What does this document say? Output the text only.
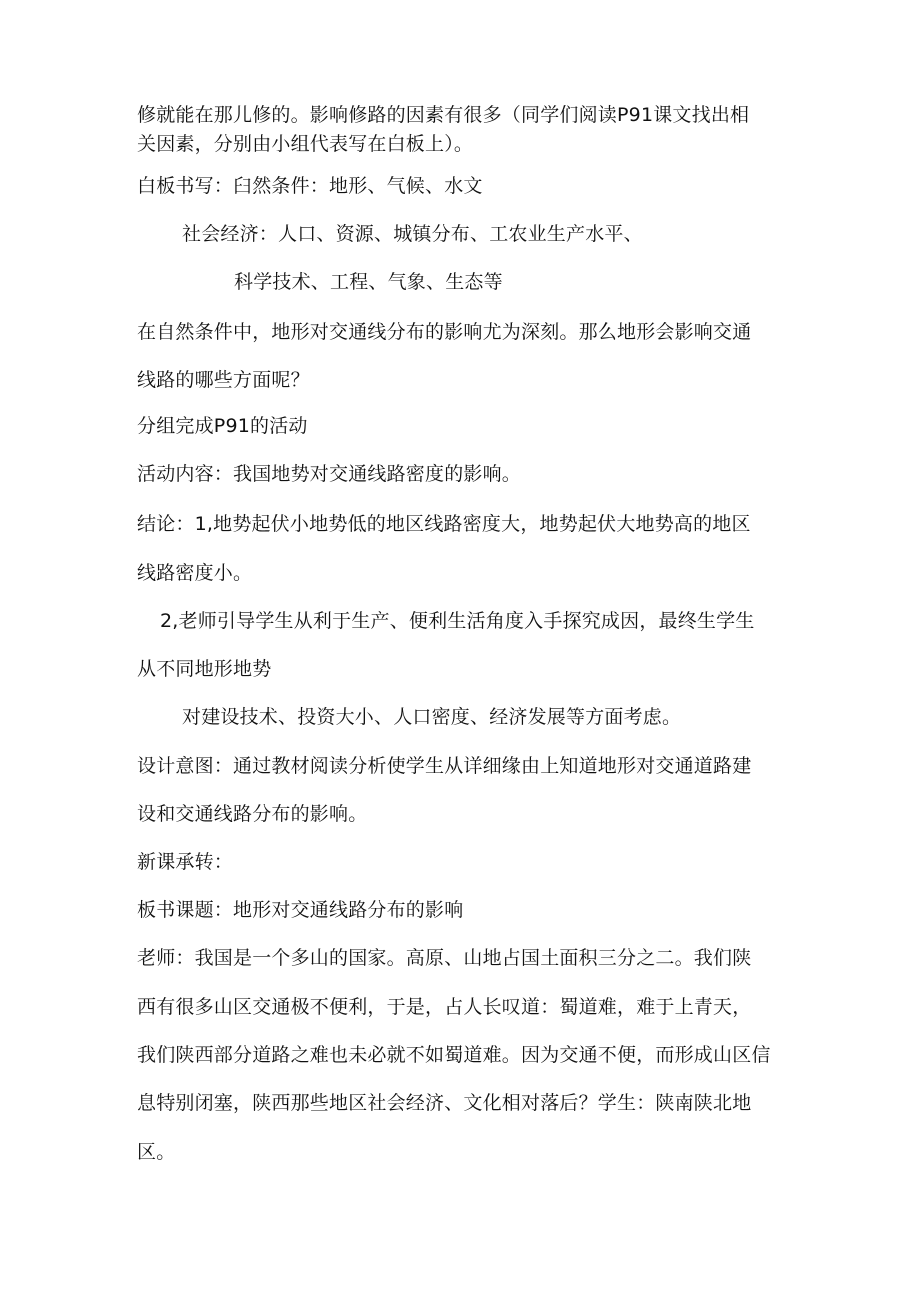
修就能在那儿修的。影响修路的因素有很多（同学们阅读P91课文找出相
关因素，分别由小组代表写在白板上）。
白板书写：臼然条件：地形、气候、水文
社会经济：人口、资源、城镇分布、工农业生产水平、
科学技术、工程、气象、生态等
在自然条件中，地形对交通线分布的影响尤为深刻。那么地形会影响交通
线路的哪些方面呢？
分组完成P91的活动
活动内容：我国地势对交通线路密度的影响。
结论：1,地势起伏小地势低的地区线路密度大，地势起伏大地势高的地区
线路密度小。
2,老师引导学生从利于生产、便利生活角度入手探究成因，最终生学生
从不同地形地势
对建设技术、投资大小、人口密度、经济发展等方面考虑。
设计意图：通过教材阅读分析使学生从详细缘由上知道地形对交通道路建
设和交通线路分布的影响。
新课承转：
板书课题：地形对交通线路分布的影响
老师：我国是一个多山的国家。高原、山地占国土面积三分之二。我们陕
西有很多山区交通极不便利，于是，占人长叹道：蜀道难，难于上青天，
我们陕西部分道路之难也未必就不如蜀道难。因为交通不便，而形成山区信
息特别闭塞，陕西那些地区社会经济、文化相对落后？学生：陕南陕北地
区。
